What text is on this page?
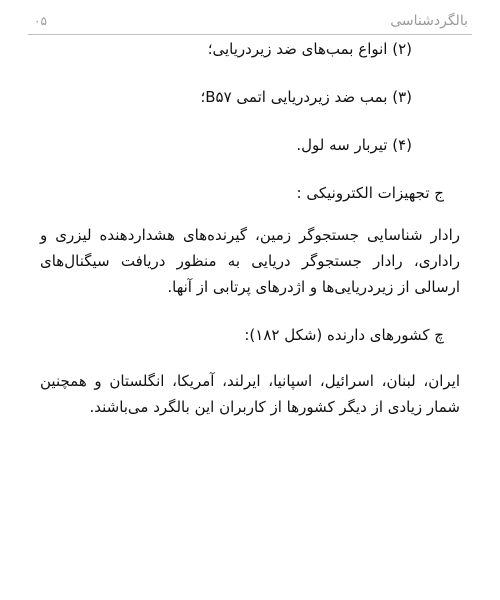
۰۵	بالگردشناسی

(۲) انواع بمب‌های ضد زیردریایی؛

(۳) بمب ضد زیردریایی اتمی B۵۷؛

(۴) تیربار سه لول.

ج تجهیزات الکترونیکی :

رادار شناسایی جستجوگر زمین، گیرنده‌های هشداردهنده لیزری و راداری، رادار جستجوگر دریایی به منظور دریافت سیگنال‌های ارسالی از زیردریایی‌ها و اژدرهای پرتابی از آنها.

چ کشورهای دارنده (شکل ۱۸۲):

ایران، لبنان، اسرائیل، اسپانیا، ایرلند، آمریکا، انگلستان و همچنین شمار زیادی از دیگر کشورها از کاربران این بالگرد می‌باشند.
